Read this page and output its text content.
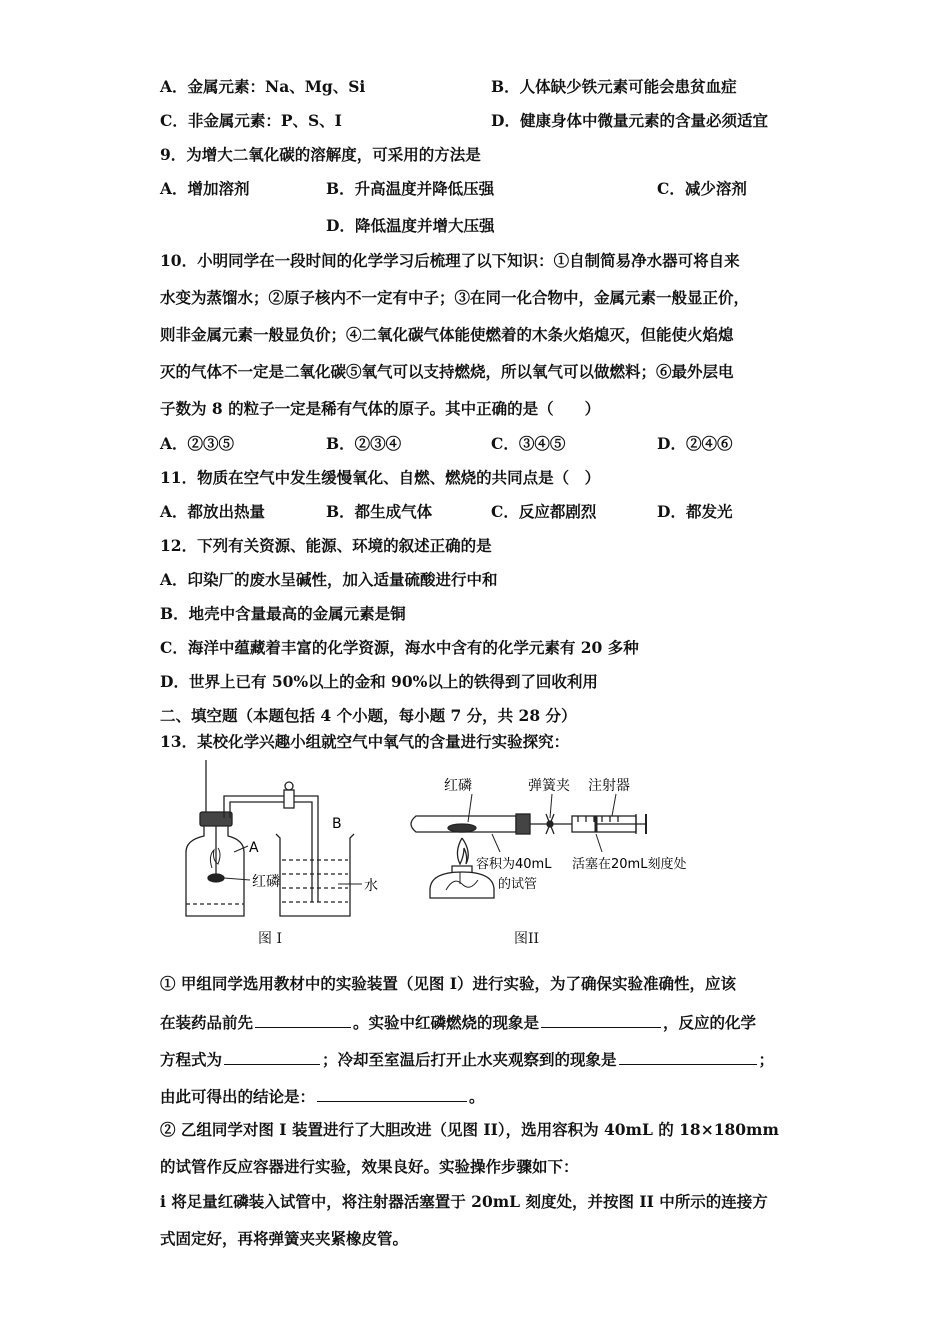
A．金属元素：Na、Mg、Si	B．人体缺少铁元素可能会患贫血症
C．非金属元素：P、S、I	D．健康身体中微量元素的含量必须适宜
9．为增大二氧化碳的溶解度，可采用的方法是
A．增加溶剂	B．升高温度并降低压强	C．减少溶剂
D．降低温度并增大压强
10．小明同学在一段时间的化学学习后梳理了以下知识：①自制简易净水器可将自来
水变为蒸馏水；②原子核内不一定有中子；③在同一化合物中，金属元素一般显正价，
则非金属元素一般显负价；④二氧化碳气体能使燃着的木条火焰熄灭，但能使火焰熄
灭的气体不一定是二氧化碳⑤氧气可以支持燃烧，所以氧气可以做燃料；⑥最外层电
子数为 8 的粒子一定是稀有气体的原子。其中正确的是（　　）
A．②③⑤	B．②③④	C．③④⑤	D．②④⑥
11．物质在空气中发生缓慢氧化、自燃、燃烧的共同点是（　）
A．都放出热量	B．都生成气体	C．反应都剧烈	D．都发光
12．下列有关资源、能源、环境的叙述正确的是
A．印染厂的废水呈碱性，加入适量硫酸进行中和
B．地壳中含量最高的金属元素是铜
C．海洋中蕴藏着丰富的化学资源，海水中含有的化学元素有 20 多种
D．世界上已有 50%以上的金和 90%以上的铁得到了回收利用
二、填空题（本题包括 4 个小题，每小题 7 分，共 28 分）
13．某校化学兴趣小组就空气中氧气的含量进行实验探究：
A
B
红磷	水
图 I
红磷	弹簧夹 注射器
容积为40mL
的试管
活塞在20mL刻度处
图II
① 甲组同学选用教材中的实验装置（见图 I）进行实验，为了确保实验准确性，应该
在装药品前先	。实验中红磷燃烧的现象是	，反应的化学
方程式为	；冷却至室温后打开止水夹观察到的现象是	；
由此可得出的结论是：	。
② 乙组同学对图 I 装置进行了大胆改进（见图 II），选用容积为 40mL 的 18×180mm
的试管作反应容器进行实验，效果良好。实验操作步骤如下：
i 将足量红磷装入试管中，将注射器活塞置于 20mL 刻度处，并按图 II 中所示的连接方
式固定好，再将弹簧夹夹紧橡皮管。
